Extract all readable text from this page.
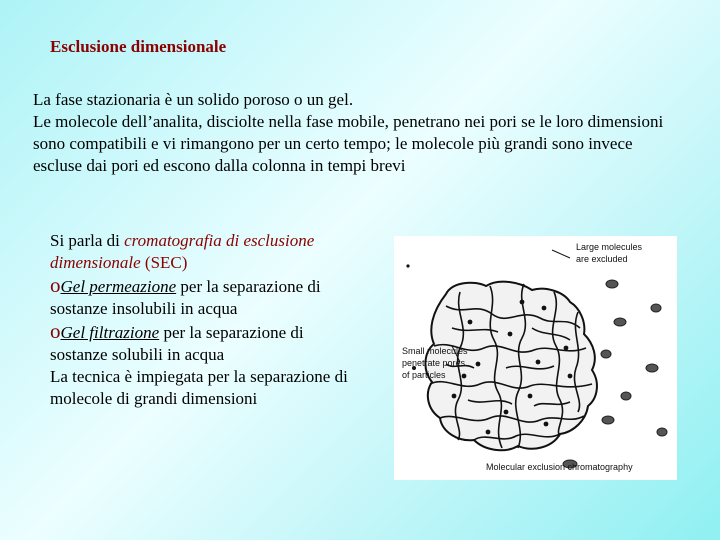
Esclusione dimensionale

La fase stazionaria è un solido poroso o un gel.

Le molecole dell’analita, disciolte nella fase mobile, penetrano nei pori se le loro dimensioni sono compatibili e vi rimangono per un certo tempo; le molecole più grandi sono invece escluse dai pori ed escono dalla colonna in tempi brevi

Si parla di cromatografia di esclusione dimensionale (SEC)

oGel permeazione per la separazione di sostanze insolubili in acqua

oGel filtrazione per la separazione di sostanze solubili in acqua

La tecnica è impiegata per la separazione di molecole di grandi dimensioni

Large molecules
are excluded
Small molecules
penetrate pores
of particles
Molecular exclusion chromatography
